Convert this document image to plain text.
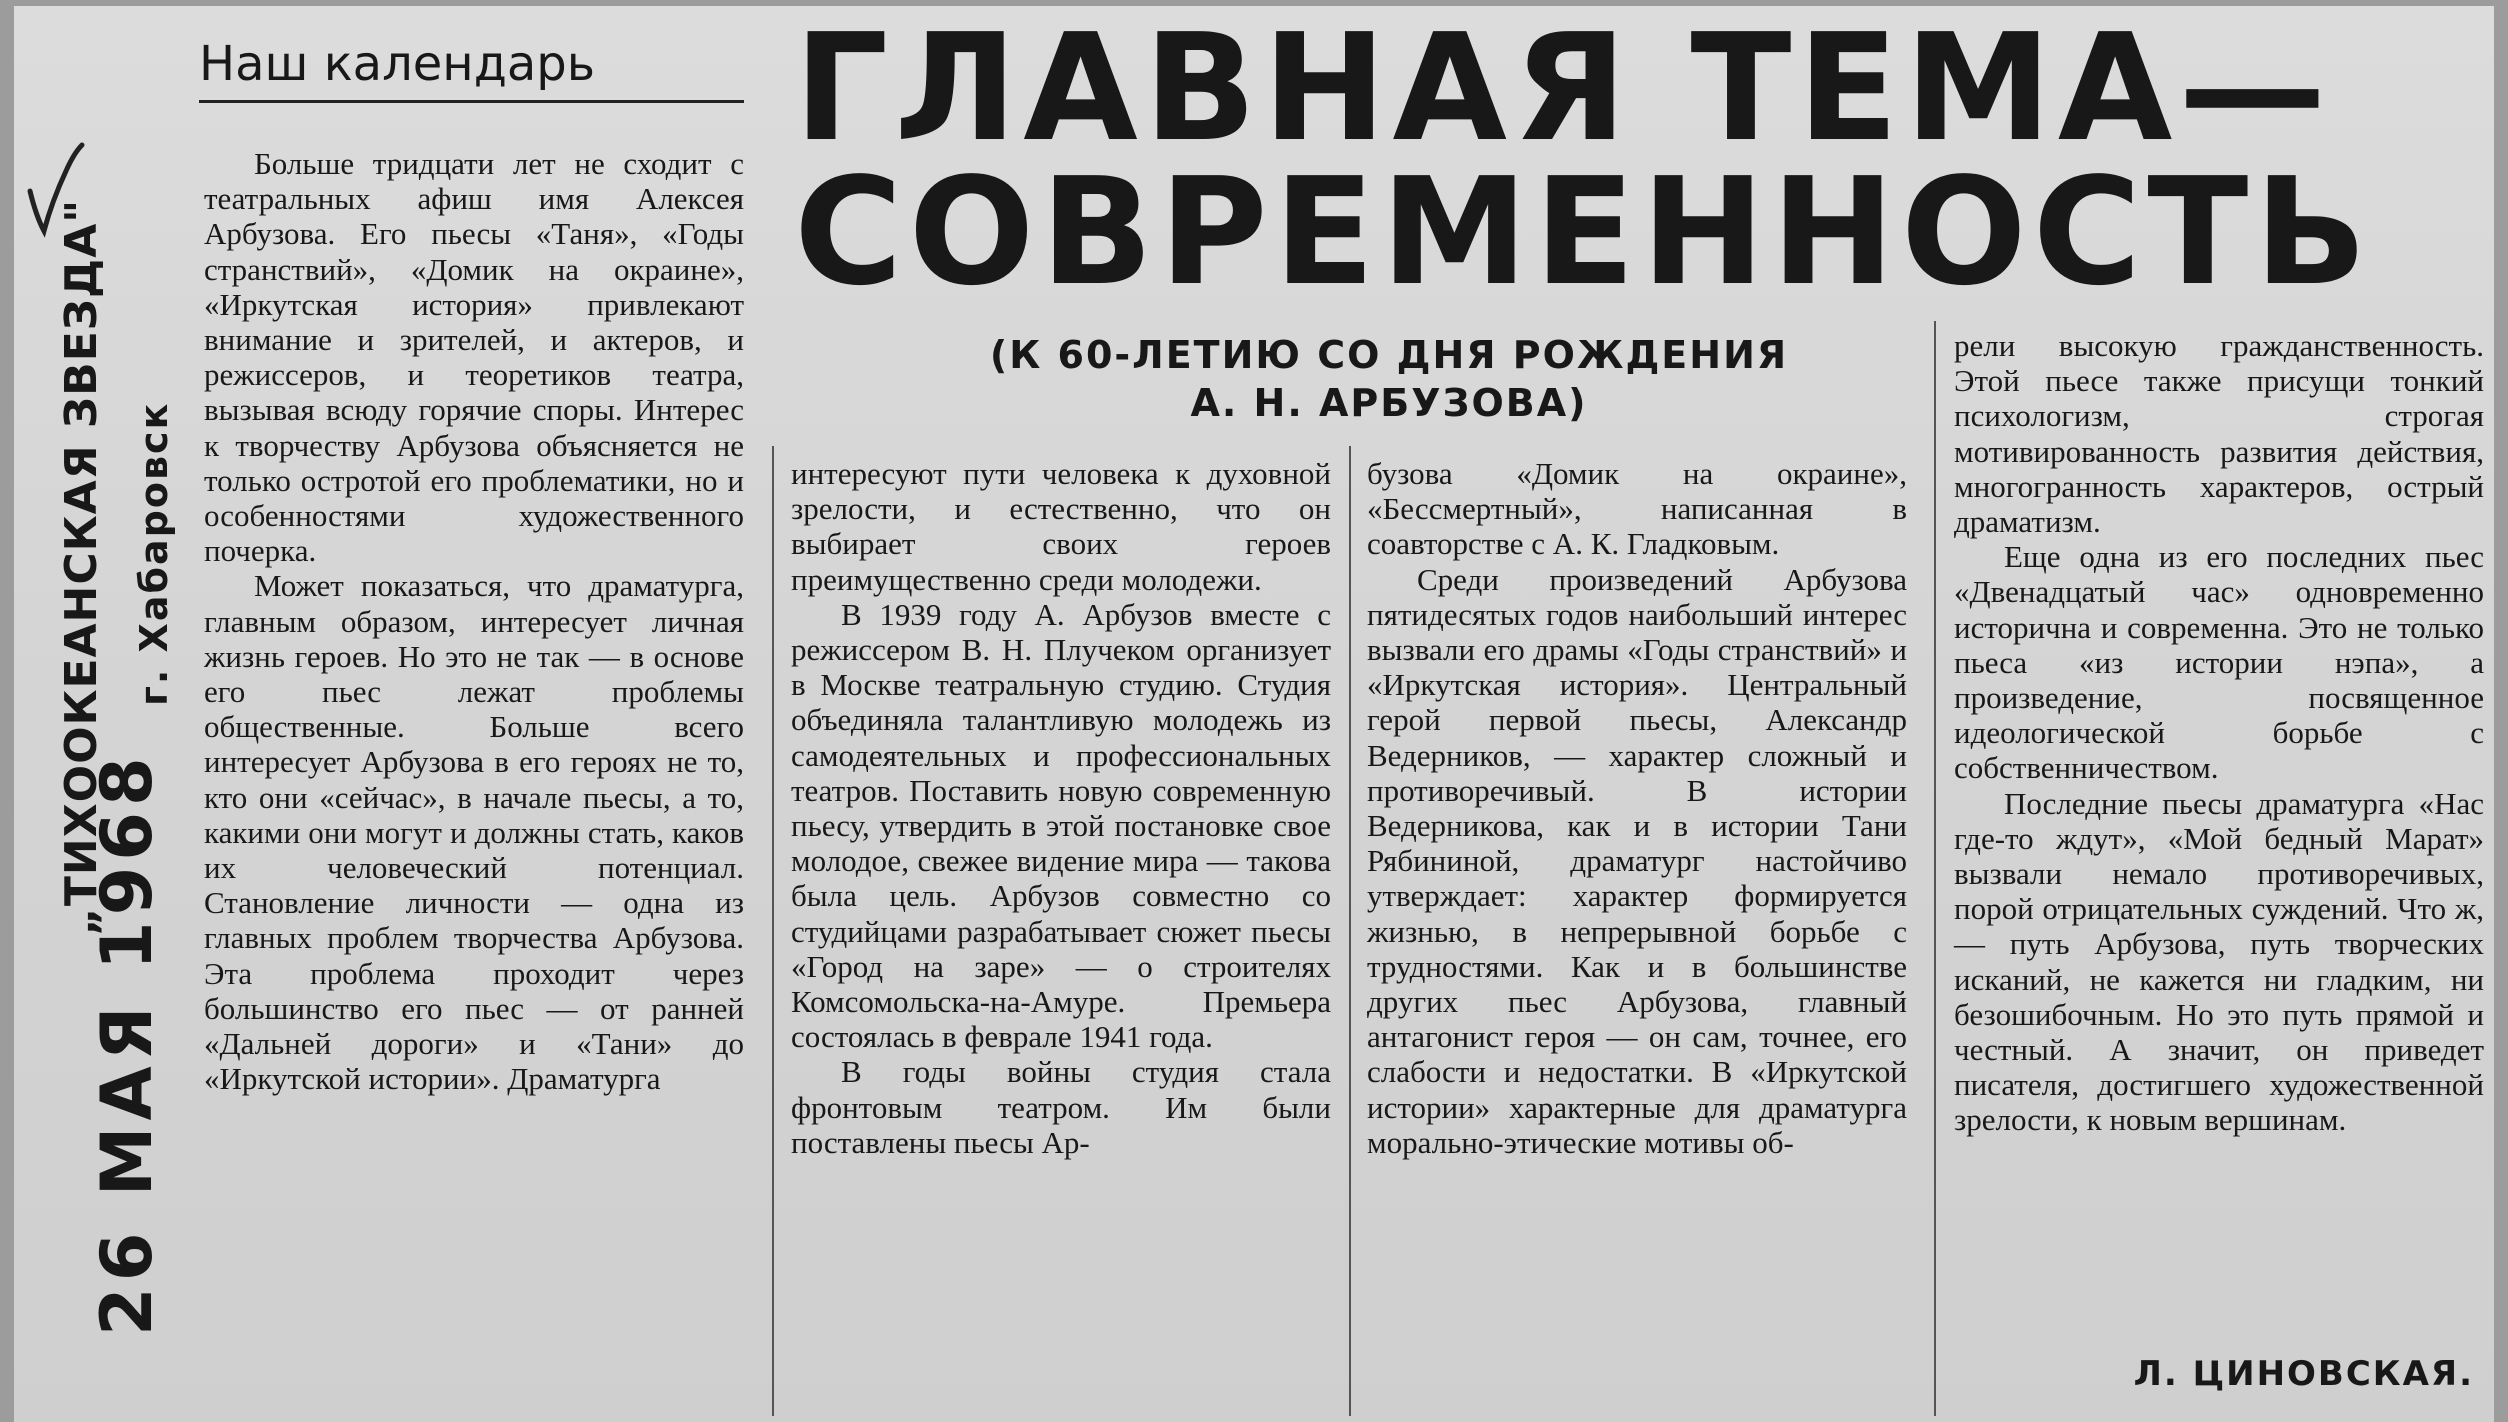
„ТИХООКЕАНСКАЯ ЗВЕЗДА" г. Хабаровск
26 МАЯ 1968
Наш календарь	ГЛАВНАЯ ТЕМА—
СОВРЕМЕННОСТЬ
(К 60-ЛЕТИЮ СО ДНЯ РОЖДЕНИЯ
А. Н. АРБУЗОВА)

Больше тридцати лет не сходит с театральных афиш имя Алексея Арбузова. Его пьесы «Таня», «Годы странствий», «Домик на окраине», «Иркутская история» привлекают внимание и зрителей, и актеров, и режиссеров, и теоретиков театра, вызывая всюду горячие споры. Интерес к творчеству Арбузова объясняется не только остротой его проблематики, но и особенностями художественного почерка.

Может показаться, что драматурга, главным образом, интересует личная жизнь героев. Но это не так — в основе его пьес лежат проблемы общественные. Больше всего интересует Арбузова в его героях не то, кто они «сейчас», в начале пьесы, а то, какими они могут и должны стать, каков их человеческий потенциал. Становление личности — одна из главных проблем творчества Арбузова. Эта проблема проходит через большинство его пьес — от ранней «Дальней дороги» и «Тани» до «Иркутской истории». Драматурга

интересуют пути человека к духовной зрелости, и естественно, что он выбирает своих героев преимущественно среди молодежи.

В 1939 году А. Арбузов вместе с режиссером В. Н. Плучеком организует в Москве театральную студию. Студия объединяла талантливую молодежь из самодеятельных и профессиональных театров. Поставить новую современную пьесу, утвердить в этой постановке свое молодое, свежее видение мира — такова была цель. Арбузов совместно со студийцами разрабатывает сюжет пьесы «Город на заре» — о строителях Комсомольска-на-Амуре. Премьера состоялась в феврале 1941 года.

В годы войны студия стала фронтовым театром. Им были поставлены пьесы Ар-

бузова «Домик на окраине», «Бессмертный», написанная в соавторстве с А. К. Гладковым.

Среди произведений Арбузова пятидесятых годов наибольший интерес вызвали его драмы «Годы странствий» и «Иркутская история». Центральный герой первой пьесы, Александр Ведерников, — характер сложный и противоречивый. В истории Ведерникова, как и в истории Тани Рябининой, драматург настойчиво утверждает: характер формируется жизнью, в непрерывной борьбе с трудностями. Как и в большинстве других пьес Арбузова, главный антагонист героя — он сам, точнее, его слабости и недостатки. В «Иркутской истории» характерные для драматурга морально-этические мотивы об-

рели высокую гражданственность. Этой пьесе также присущи тонкий психологизм, строгая мотивированность развития действия, многогранность характеров, острый драматизм.

Еще одна из его последних пьес «Двенадцатый час» одновременно исторична и современна. Это не только пьеса «из истории нэпа», а произведение, посвященное идеологической борьбе с собственничеством.

Последние пьесы драматурга «Нас где-то ждут», «Мой бедный Марат» вызвали немало противоречивых, порой отрицательных суждений. Что ж, — путь Арбузова, путь творческих исканий, не кажется ни гладким, ни безошибочным. Но это путь прямой и честный. А значит, он приведет писателя, достигшего художественной зрелости, к новым вершинам.

Л. ЦИНОВСКАЯ.
